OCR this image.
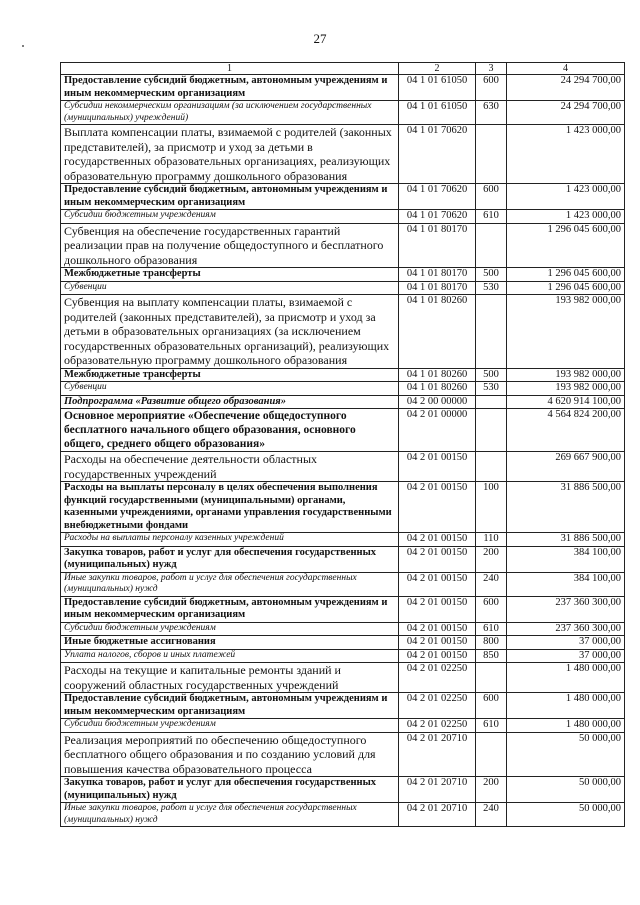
27
1	2	3	4
Предоставление субсидий бюджетным, автономным учреждениям и иным некоммерческим организациям	04 1 01 61050	600	24 294 700,00
Субсидии некоммерческим организациям (за исключением государственных (муниципальных) учреждений)	04 1 01 61050	630	24 294 700,00
Выплата компенсации платы, взимаемой с родителей (законных представителей), за присмотр и уход за детьми в государственных образовательных организациях, реализующих образовательную программу дошкольного образования	04 1 01 70620		1 423 000,00
Предоставление субсидий бюджетным, автономным учреждениям и иным некоммерческим организациям	04 1 01 70620	600	1 423 000,00
Субсидии бюджетным учреждениям	04 1 01 70620	610	1 423 000,00
Субвенция на обеспечение государственных гарантий реализации прав на получение общедоступного и бесплатного дошкольного образования	04 1 01 80170		1 296 045 600,00
Межбюджетные трансферты	04 1 01 80170	500	1 296 045 600,00
Субвенции	04 1 01 80170	530	1 296 045 600,00
Субвенция на выплату компенсации платы, взимаемой с родителей (законных представителей), за присмотр и уход за детьми в образовательных организациях (за исключением государственных образовательных организаций), реализующих образовательную программу дошкольного образования	04 1 01 80260		193 982 000,00
Межбюджетные трансферты	04 1 01 80260	500	193 982 000,00
Субвенции	04 1 01 80260	530	193 982 000,00
Подпрограмма «Развитие общего образования»	04 2 00 00000		4 620 914 100,00
Основное мероприятие «Обеспечение общедоступного бесплатного начального общего образования, основного общего, среднего общего образования»	04 2 01 00000		4 564 824 200,00
Расходы на обеспечение деятельности областных государственных учреждений	04 2 01 00150		269 667 900,00
Расходы на выплаты персоналу в целях обеспечения выполнения функций государственными (муниципальными) органами, казенными учреждениями, органами управления государственными внебюджетными фондами	04 2 01 00150	100	31 886 500,00
Расходы на выплаты персоналу казенных учреждений	04 2 01 00150	110	31 886 500,00
Закупка товаров, работ и услуг для обеспечения государственных (муниципальных) нужд	04 2 01 00150	200	384 100,00
Иные закупки товаров, работ и услуг для обеспечения государственных (муниципальных) нужд	04 2 01 00150	240	384 100,00
Предоставление субсидий бюджетным, автономным учреждениям и иным некоммерческим организациям	04 2 01 00150	600	237 360 300,00
Субсидии бюджетным учреждениям	04 2 01 00150	610	237 360 300,00
Иные бюджетные ассигнования	04 2 01 00150	800	37 000,00
Уплата налогов, сборов и иных платежей	04 2 01 00150	850	37 000,00
Расходы на текущие и капитальные ремонты зданий и сооружений областных государственных учреждений	04 2 01 02250		1 480 000,00
Предоставление субсидий бюджетным, автономным учреждениям и иным некоммерческим организациям	04 2 01 02250	600	1 480 000,00
Субсидии бюджетным учреждениям	04 2 01 02250	610	1 480 000,00
Реализация мероприятий по обеспечению общедоступного бесплатного общего образования и по созданию условий для повышения качества образовательного процесса	04 2 01 20710		50 000,00
Закупка товаров, работ и услуг для обеспечения государственных (муниципальных) нужд	04 2 01 20710	200	50 000,00
Иные закупки товаров, работ и услуг для обеспечения государственных (муниципальных) нужд	04 2 01 20710	240	50 000,00
